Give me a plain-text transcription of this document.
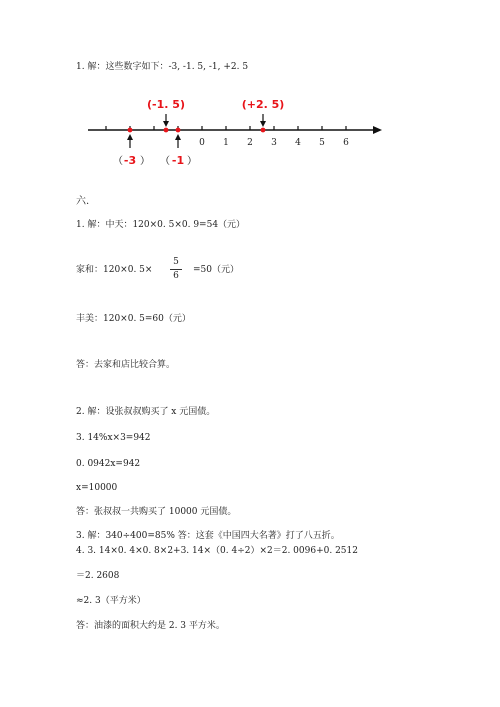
1. 解：这些数字如下：-3, -1. 5, -1, +2. 5
0 1 2 3 4 5 6
(-1. 5)	(+2. 5)
（ -3 ） （ -1 ）
六.
1. 解：中天：120×0. 5×0. 9=54（元）
家和：120×0. 5×
5
6
=50（元）
丰美：120×0. 5=60（元）
答：去家和店比较合算。
2. 解：设张叔叔购买了 x 元国债。
3. 14%x×3=942
0. 0942x=942
x=10000
答：张叔叔一共购买了 10000 元国债。
3. 解：340÷400=85% 答：这套《中国四大名著》打了八五折。
4. 3. 14×0. 4×0. 8×2+3. 14×（0. 4÷2）×2＝2. 0096+0. 2512
＝2. 2608
≈2. 3（平方米）
答：油漆的面积大约是 2. 3 平方米。
